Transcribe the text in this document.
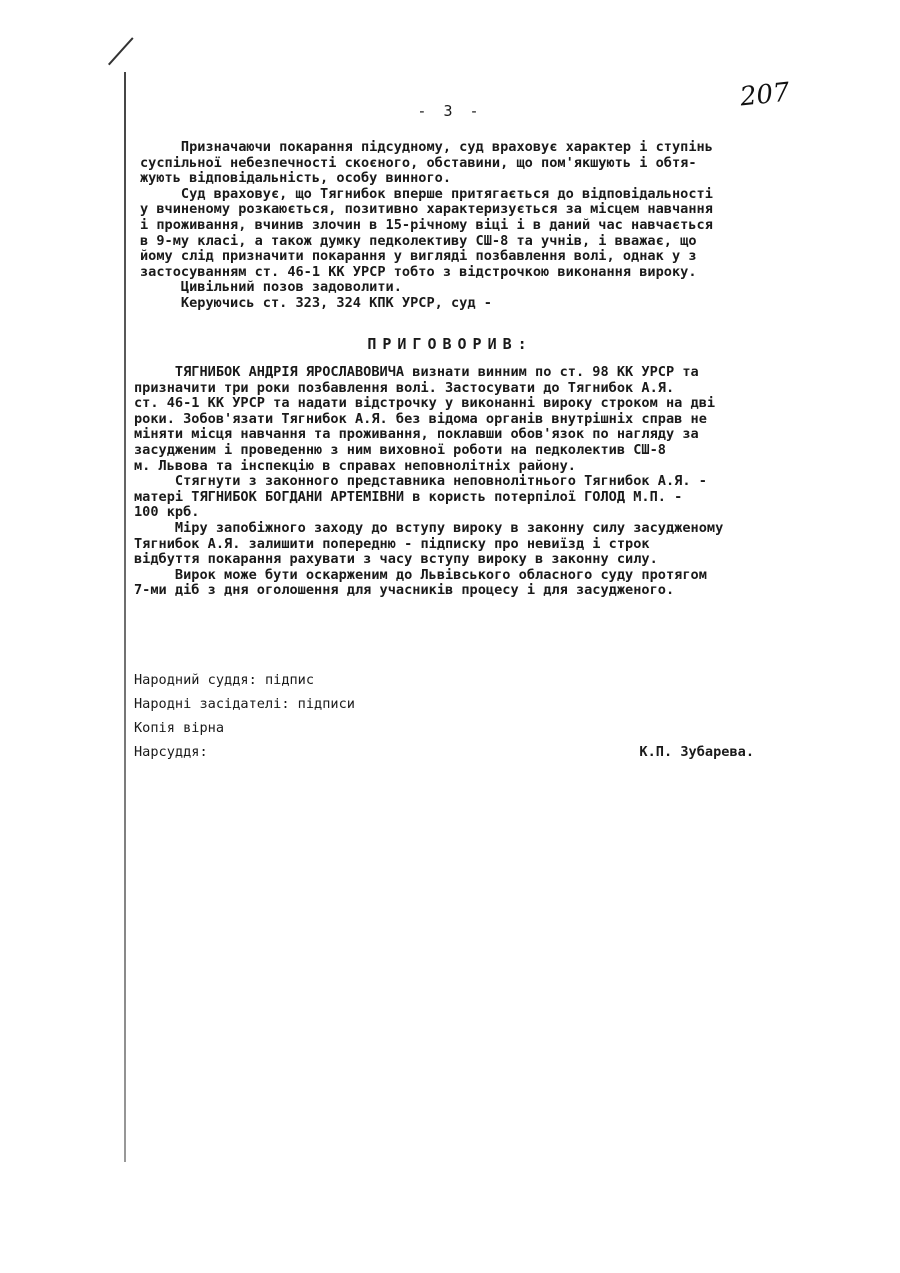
207
- 3 -
Призначаючи покарання підсудному, суд враховує характер і ступінь
суспільної небезпечності скоєного, обставини, що пом'якшують і обтя-
жують відповідальність, особу винного.
Суд враховує, що Тягнибок вперше притягається до відповідальності
у вчиненому розкаюється, позитивно характеризується за місцем навчання
і проживання, вчинив злочин в 15-річному віці і в даний час навчається
в 9-му класі, а також думку педколективу СШ-8 та учнів, і вважає, що
йому слід призначити покарання у вигляді позбавлення волі, однак у з
застосуванням ст. 46-1 КК УРСР тобто з відстрочкою виконання вироку.
Цивільний позов задоволити.
Керуючись ст. 323, 324 КПК УРСР, суд -
ПРИГОВОРИВ:
ТЯГНИБОК АНДРІЯ ЯРОСЛАВОВИЧА визнати винним по ст. 98 КК УРСР та
призначити три роки позбавлення волі. Застосувати до Тягнибок А.Я.
ст. 46-1 КК УРСР та надати відстрочку у виконанні вироку строком на дві
роки. Зобов'язати Тягнибок А.Я. без відома органів внутрішніх справ не
міняти місця навчання та проживання, поклавши обов'язок по нагляду за
засудженим і проведенню з ним виховної роботи на педколектив СШ-8
м. Львова та інспекцію в справах неповнолітніх району.
Стягнути з законного представника неповнолітнього Тягнибок А.Я. -
матері ТЯГНИБОК БОГДАНИ АРТЕМІВНИ в користь потерпілої ГОЛОД М.П. -
100 крб.
Міру запобіжного заходу до вступу вироку в законну силу засудженому
Тягнибок А.Я. залишити попередню - підписку про невиїзд і строк
відбуття покарання рахувати з часу вступу вироку в законну силу.
Вирок може бути оскарженим до Львівського обласного суду протягом
7-ми діб з дня оголошення для учасників процесу і для засудженого.
Народний суддя: підпис
Народні засідателі: підписи
Копія вірна
Нарсуддя:	К.П. Зубарева.
